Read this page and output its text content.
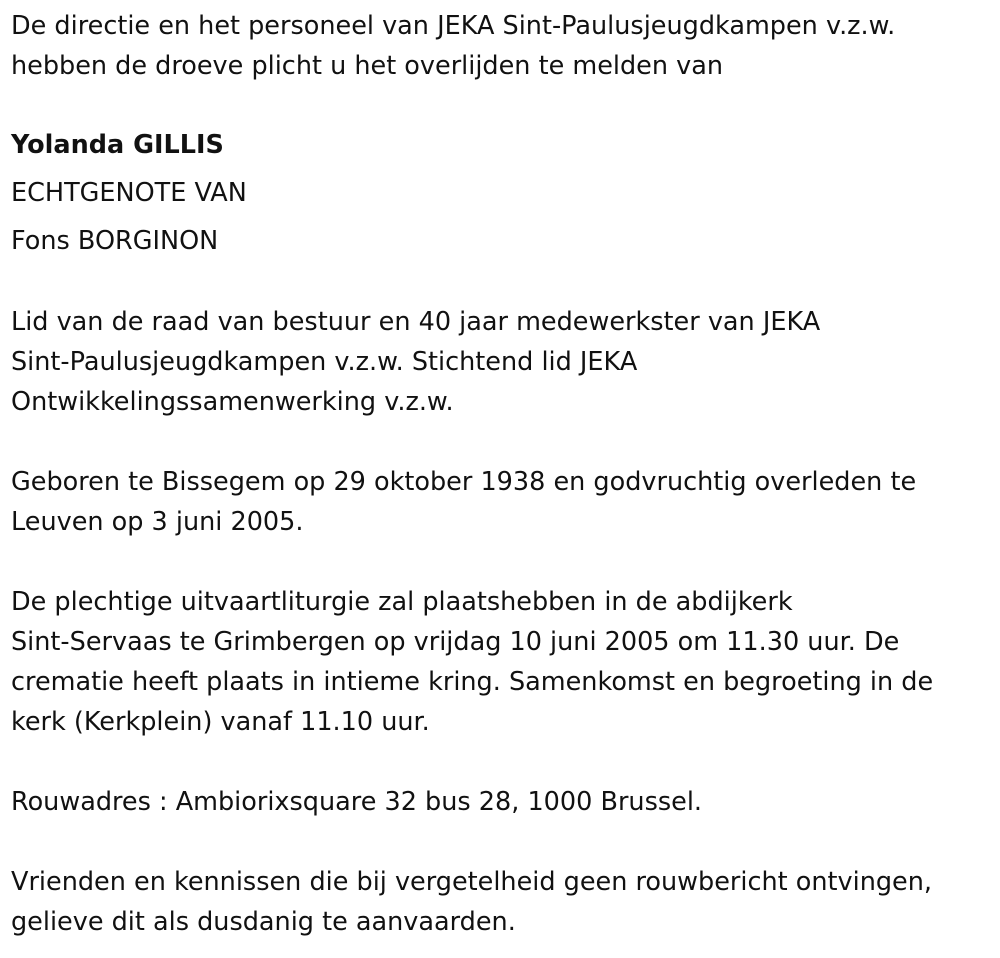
De directie en het personeel van JEKA Sint-Paulusjeugdkampen v.z.w.
hebben de droeve plicht u het overlijden te melden van
Yolanda GILLIS
ECHTGENOTE VAN
Fons BORGINON
Lid van de raad van bestuur en 40 jaar medewerkster van JEKA
Sint-Paulusjeugdkampen v.z.w. Stichtend lid JEKA
Ontwikkelingssamenwerking v.z.w.
Geboren te Bissegem op 29 oktober 1938 en godvruchtig overleden te
Leuven op 3 juni 2005.
De plechtige uitvaartliturgie zal plaatshebben in de abdijkerk
Sint-Servaas te Grimbergen op vrijdag 10 juni 2005 om 11.30 uur. De
crematie heeft plaats in intieme kring. Samenkomst en begroeting in de
kerk (Kerkplein) vanaf 11.10 uur.
Rouwadres : Ambiorixsquare 32 bus 28, 1000 Brussel.
Vrienden en kennissen die bij vergetelheid geen rouwbericht ontvingen,
gelieve dit als dusdanig te aanvaarden.
